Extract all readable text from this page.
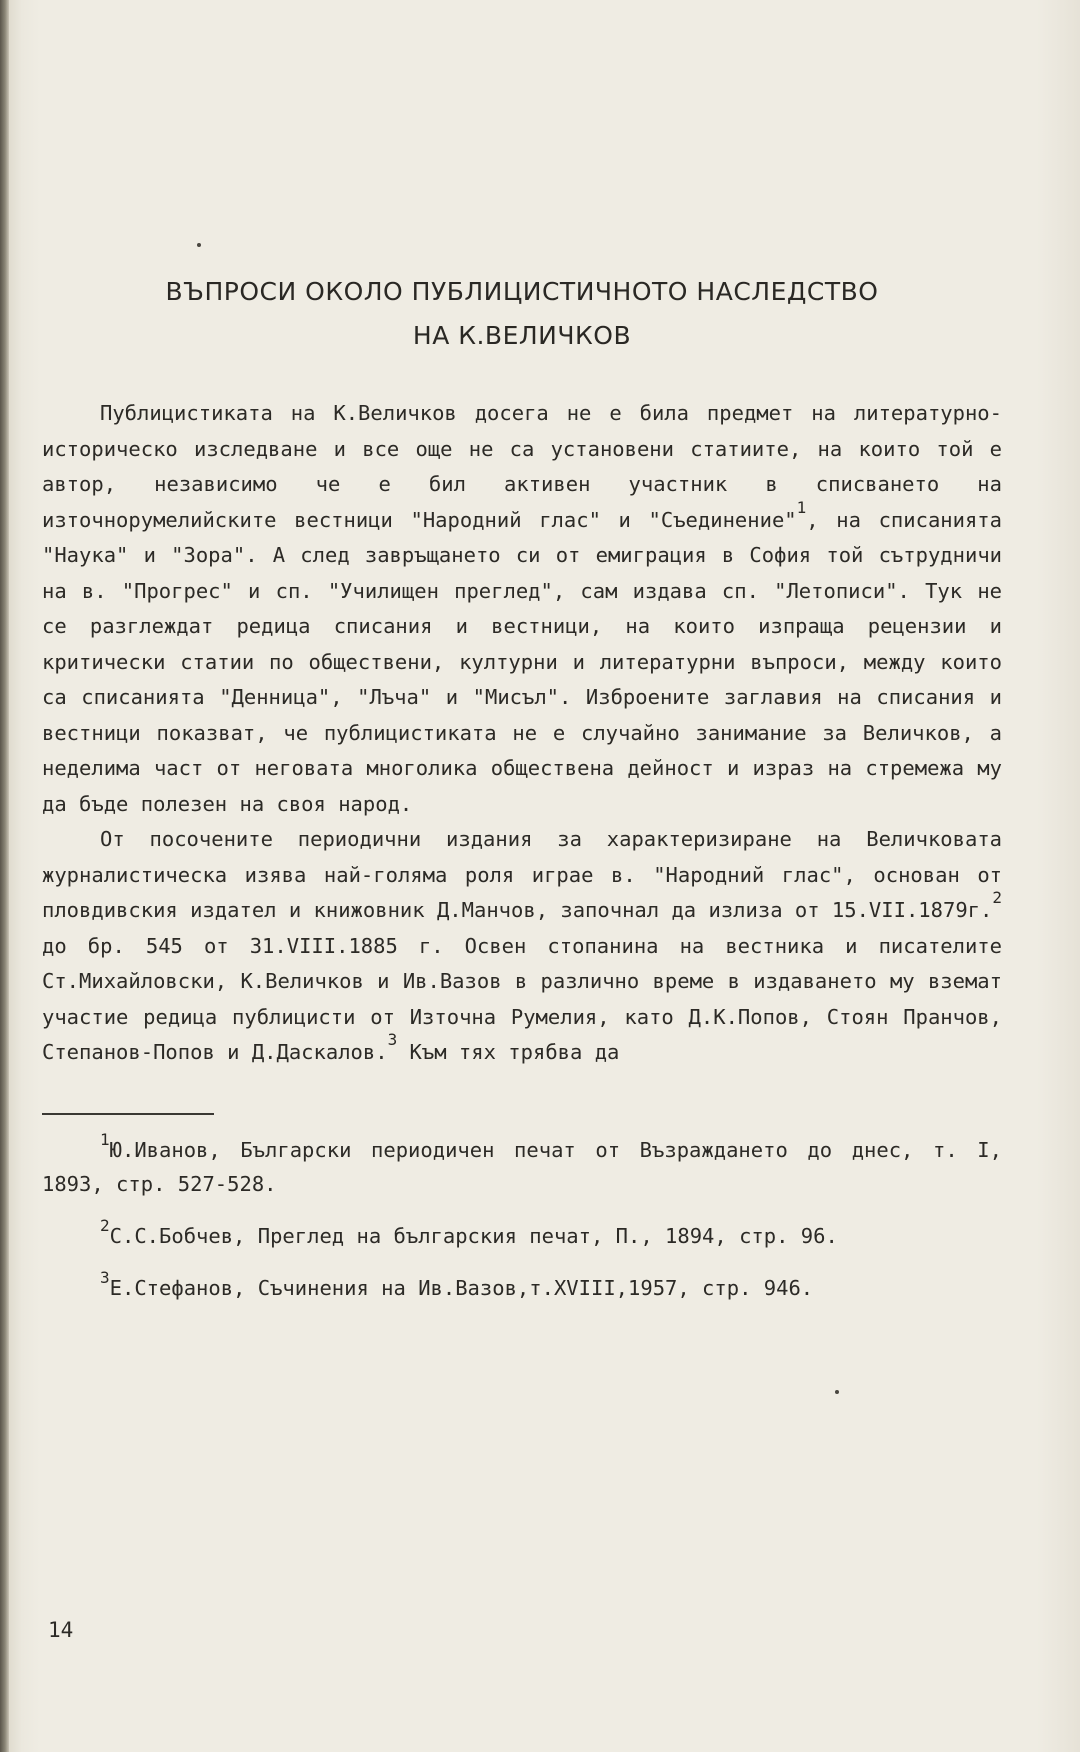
ВЪПРОСИ ОКОЛО ПУБЛИЦИСТИЧНОТО НАСЛЕДСТВО
НА К.ВЕЛИЧКОВ

Публицистиката на К.Величков досега не е била предмет на литературно-историческо изследване и все още не са установени статиите, на които той е автор, независимо че е бил активен участник в списването на източнорумелийските вестници "Народний глас" и "Съединение"$^1$, на списанията "Наука" и "Зора". А след завръщането си от емиграция в София той сътрудничи на в. "Прогрес" и сп. "Училищен преглед", сам издава сп. "Летописи". Тук не се разглеждат редица списания и вестници, на които изпраща рецензии и критически статии по обществени, културни и литературни въпроси, между които са списанията "Денница", "Лъча" и "Мисъл". Изброените заглавия на списания и вестници показват, че публицистиката не е случайно занимание за Величков, а неделима част от неговата многолика обществена дейност и израз на стремежа му да бъде полезен на своя народ.

От посочените периодични издания за характеризиране на Величковата журналистическа изява най-голяма роля играе в. "Народний глас", основан от пловдивския издател и книжовник Д.Манчов, започнал да излиза от 15.VII.1879г.$^2$ до бр. 545 от 31.VIII.1885 г. Освен стопанина на вестника и писателите Ст.Михайловски, К.Величков и Ив.Вазов в различно време в издаването му вземат участие редица публицисти от Източна Румелия, като Д.К.Попов, Стоян Пранчов, Степанов-Попов и Д.Даскалов.$^3$ Към тях трябва да

$^1$Ю.Иванов, Български периодичен печат от Възраждането до днес, т. I, 1893, стр. 527-528.

$^2$С.С.Бобчев, Преглед на българския печат, П., 1894, стр. 96.

$^3$Е.Стефанов, Съчинения на Ив.Вазов,т.XVIII,1957, стр. 946.

14
